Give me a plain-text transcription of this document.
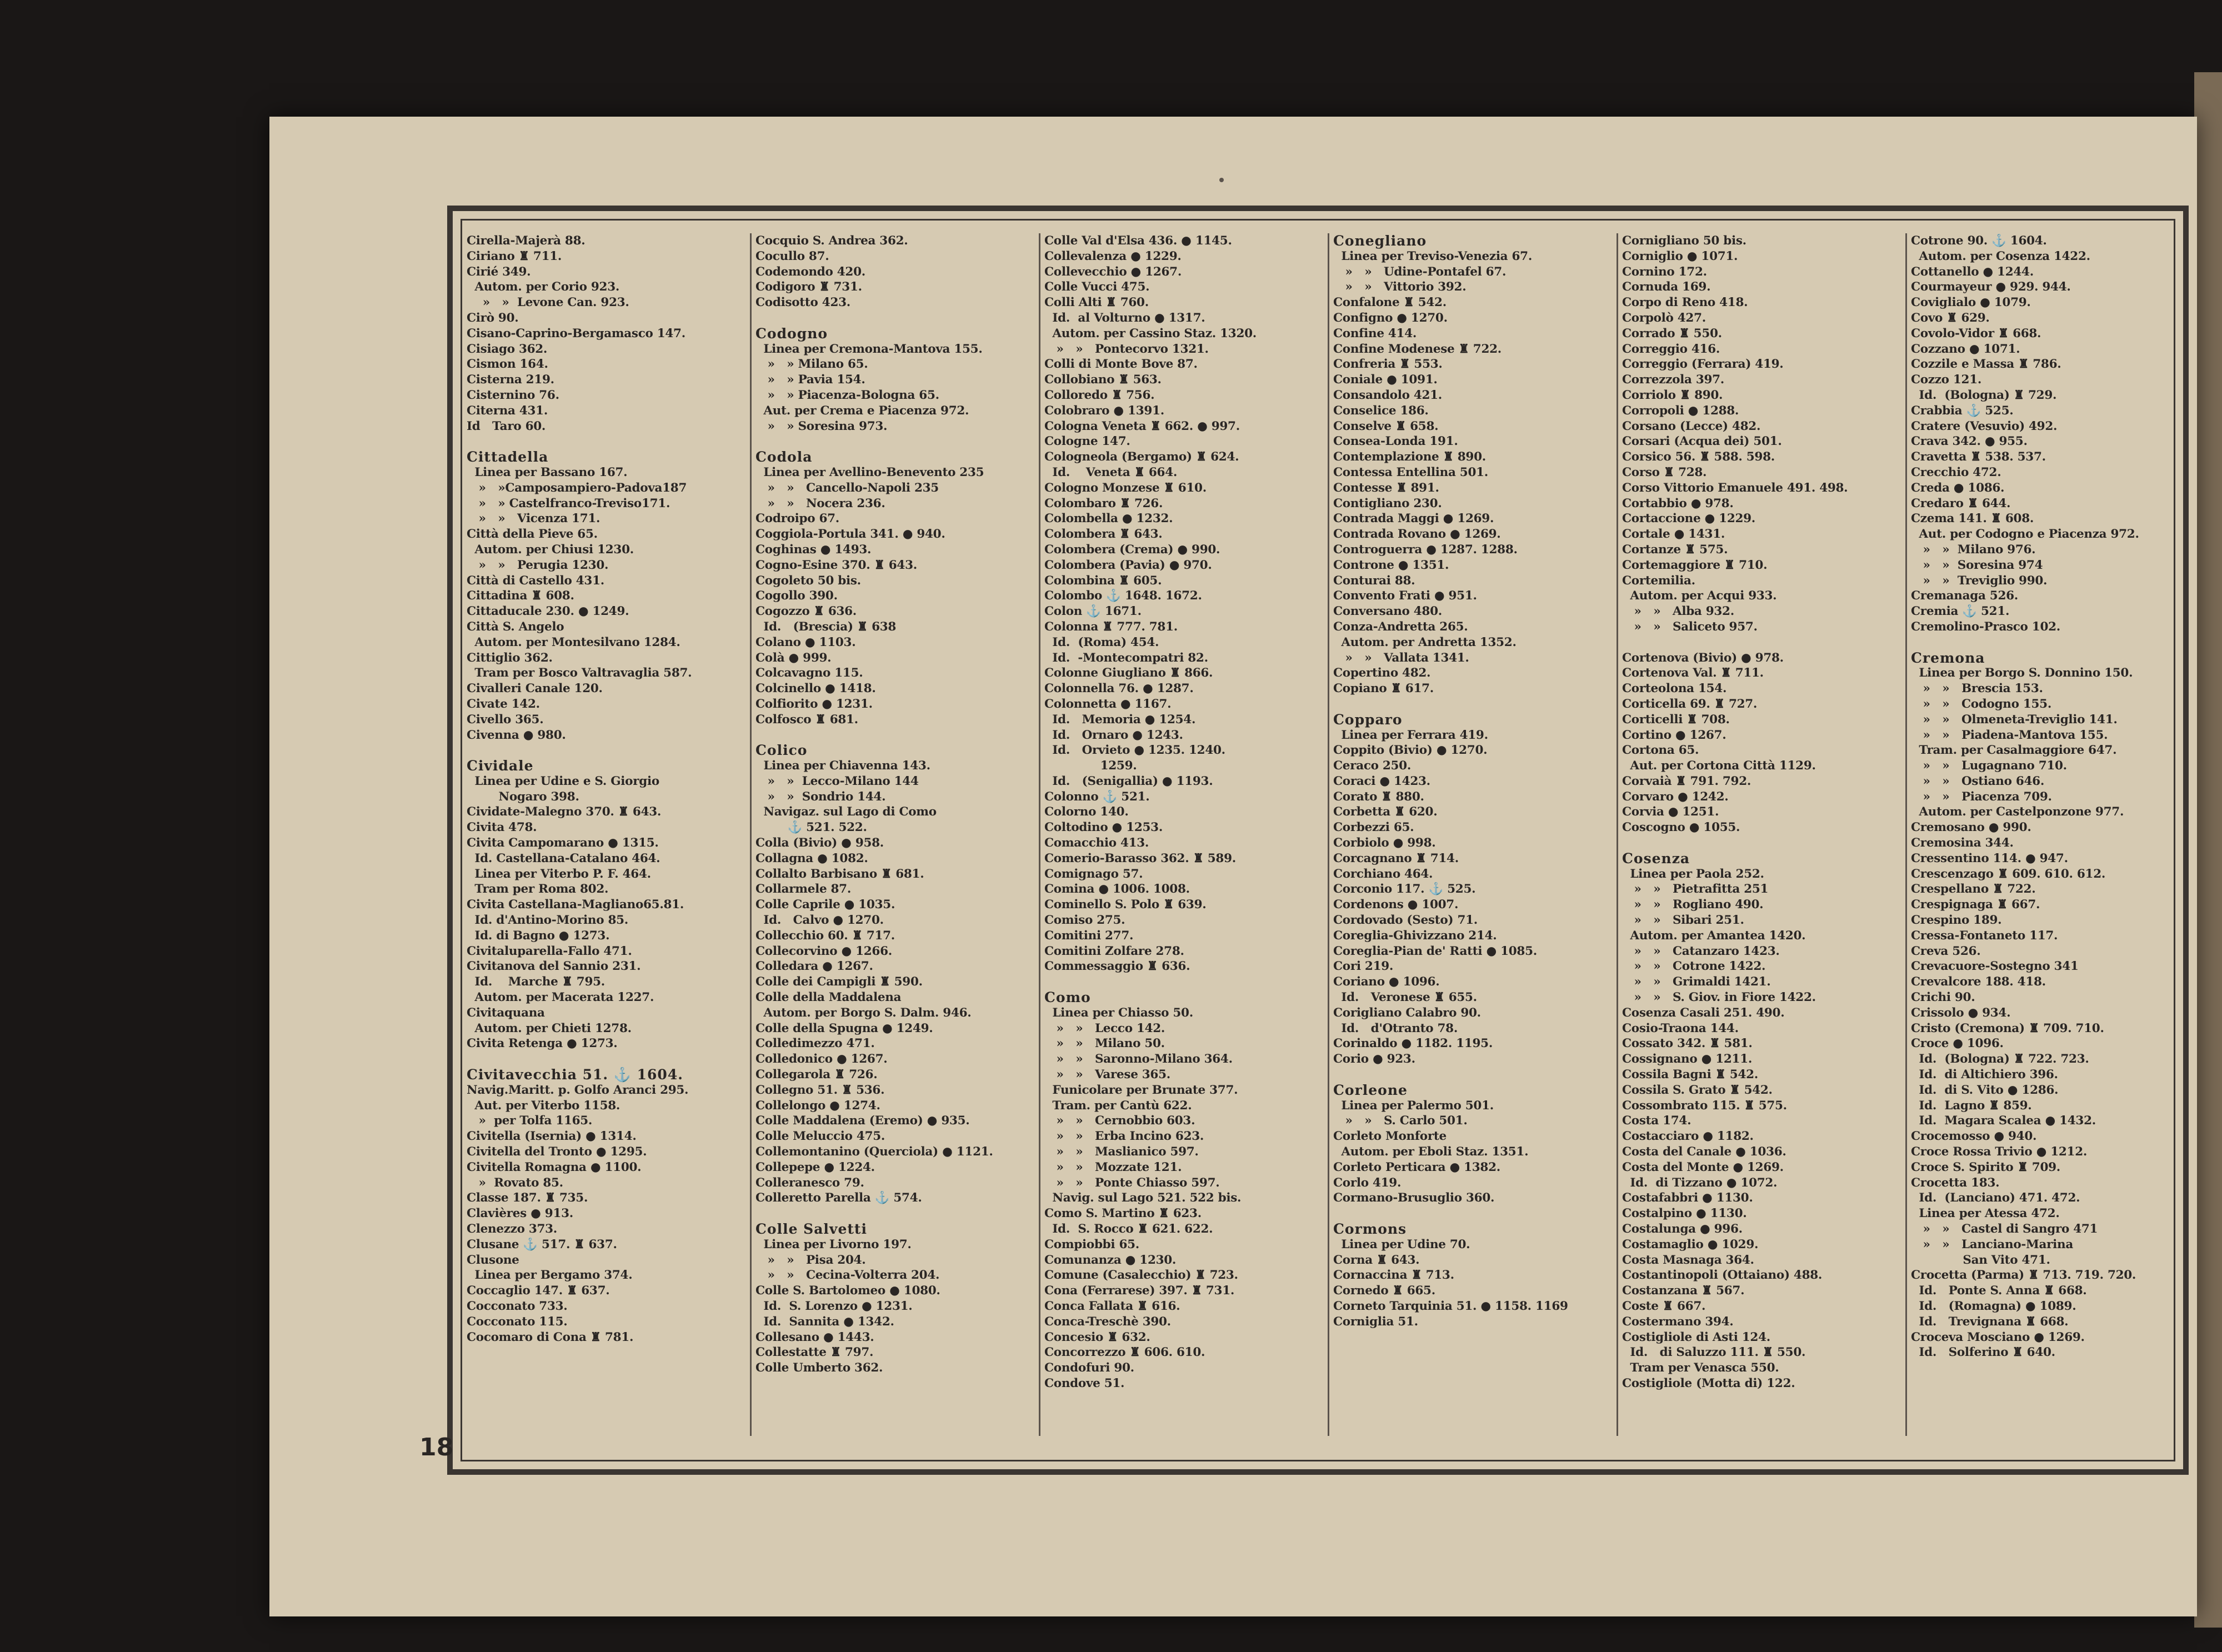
Cirella-Majerà 88.
Ciriano ♜ 711.
Cirié 349.
Autom. per Corio 923.
»   »  Levone Can. 923.
Cirò 90.
Cisano-Caprino-Bergamasco 147.
Cisiago 362.
Cismon 164.
Cisterna 219.
Cisternino 76.
Citerna 431.
Id   Taro 60.
Cittadella
Linea per Bassano 167.
»   »Camposampiero-Padova187
»   » Castelfranco-Treviso171.
»   »   Vicenza 171.
Città della Pieve 65.
Autom. per Chiusi 1230.
»   »   Perugia 1230.
Città di Castello 431.
Cittadina ♜ 608.
Cittaducale 230. ● 1249.
Città S. Angelo
Autom. per Montesilvano 1284.
Cittiglio 362.
Tram per Bosco Valtravaglia 587.
Civalleri Canale 120.
Civate 142.
Civello 365.
Civenna ● 980.
Cividale
Linea per Udine e S. Giorgio
Nogaro 398.
Cividate-Malegno 370. ♜ 643.
Civita 478.
Civita Campomarano ● 1315.
Id. Castellana-Catalano 464.
Linea per Viterbo P. F. 464.
Tram per Roma 802.
Civita Castellana-Magliano65.81.
Id. d'Antino-Morino 85.
Id. di Bagno ● 1273.
Civitaluparella-Fallo 471.
Civitanova del Sannio 231.
Id.    Marche ♜ 795.
Autom. per Macerata 1227.
Civitaquana
Autom. per Chieti 1278.
Civita Retenga ● 1273.
Civitavecchia 51. ⚓ 1604.
Navig.Maritt. p. Golfo Aranci 295.
Aut. per Viterbo 1158.
»  per Tolfa 1165.
Civitella (Isernia) ● 1314.
Civitella del Tronto ● 1295.
Civitella Romagna ● 1100.
»  Rovato 85.
Classe 187. ♜ 735.
Clavières ● 913.
Clenezzo 373.
Clusane ⚓ 517. ♜ 637.
Clusone
Linea per Bergamo 374.
Coccaglio 147. ♜ 637.
Cocconato 733.
Cocconato 115.
Cocomaro di Cona ♜ 781.
Cocquio S. Andrea 362.
Cocullo 87.
Codemondo 420.
Codigoro ♜ 731.
Codisotto 423.
Codogno
Linea per Cremona-Mantova 155.
»   » Milano 65.
»   » Pavia 154.
»   » Piacenza-Bologna 65.
Aut. per Crema e Piacenza 972.
»   » Soresina 973.
Codola
Linea per Avellino-Benevento 235
»   »   Cancello-Napoli 235
»   »   Nocera 236.
Codroipo 67.
Coggiola-Portula 341. ● 940.
Coghinas ● 1493.
Cogno-Esine 370. ♜ 643.
Cogoleto 50 bis.
Cogollo 390.
Cogozzo ♜ 636.
Id.   (Brescia) ♜ 638
Colano ● 1103.
Colà ● 999.
Colcavagno 115.
Colcinello ● 1418.
Colfiorito ● 1231.
Colfosco ♜ 681.
Colico
Linea per Chiavenna 143.
»   »  Lecco-Milano 144
»   »  Sondrio 144.
Navigaz. sul Lago di Como
⚓ 521. 522.
Colla (Bivio) ● 958.
Collagna ● 1082.
Collalto Barbisano ♜ 681.
Collarmele 87.
Colle Caprile ● 1035.
Id.   Calvo ● 1270.
Collecchio 60. ♜ 717.
Collecorvino ● 1266.
Colledara ● 1267.
Colle dei Campigli ♜ 590.
Colle della Maddalena
Autom. per Borgo S. Dalm. 946.
Colle della Spugna ● 1249.
Colledimezzo 471.
Colledonico ● 1267.
Collegarola ♜ 726.
Collegno 51. ♜ 536.
Collelongo ● 1274.
Colle Maddalena (Eremo) ● 935.
Colle Meluccio 475.
Collemontanino (Querciola) ● 1121.
Collepepe ● 1224.
Colleranesco 79.
Colleretto Parella ⚓ 574.
Colle Salvetti
Linea per Livorno 197.
»   »   Pisa 204.
»   »   Cecina-Volterra 204.
Colle S. Bartolomeo ● 1080.
Id.  S. Lorenzo ● 1231.
Id.  Sannita ● 1342.
Collesano ● 1443.
Collestatte ♜ 797.
Colle Umberto 362.
Colle Val d'Elsa 436. ● 1145.
Collevalenza ● 1229.
Collevecchio ● 1267.
Colle Vucci 475.
Colli Alti ♜ 760.
Id.  al Volturno ● 1317.
Autom. per Cassino Staz. 1320.
»   »   Pontecorvo 1321.
Colli di Monte Bove 87.
Collobiano ♜ 563.
Colloredo ♜ 756.
Colobraro ● 1391.
Cologna Veneta ♜ 662. ● 997.
Cologne 147.
Cologneola (Bergamo) ♜ 624.
Id.    Veneta ♜ 664.
Cologno Monzese ♜ 610.
Colombaro ♜ 726.
Colombella ● 1232.
Colombera ♜ 643.
Colombera (Crema) ● 990.
Colombera (Pavia) ● 970.
Colombina ♜ 605.
Colombo ⚓ 1648. 1672.
Colon ⚓ 1671.
Colonna ♜ 777. 781.
Id.  (Roma) 454.
Id.  -Montecompatri 82.
Colonne Giugliano ♜ 866.
Colonnella 76. ● 1287.
Colonnetta ● 1167.
Id.   Memoria ● 1254.
Id.   Ornaro ● 1243.
Id.   Orvieto ● 1235. 1240.
1259.
Id.   (Senigallia) ● 1193.
Colonno ⚓ 521.
Colorno 140.
Coltodino ● 1253.
Comacchio 413.
Comerio-Barasso 362. ♜ 589.
Comignago 57.
Comina ● 1006. 1008.
Cominello S. Polo ♜ 639.
Comiso 275.
Comitini 277.
Comitini Zolfare 278.
Commessaggio ♜ 636.
Como
Linea per Chiasso 50.
»   »   Lecco 142.
»   »   Milano 50.
»   »   Saronno-Milano 364.
»   »   Varese 365.
Funicolare per Brunate 377.
Tram. per Cantù 622.
»   »   Cernobbio 603.
»   »   Erba Incino 623.
»   »   Maslianico 597.
»   »   Mozzate 121.
»   »   Ponte Chiasso 597.
Navig. sul Lago 521. 522 bis.
Como S. Martino ♜ 623.
Id.  S. Rocco ♜ 621. 622.
Compiobbi 65.
Comunanza ● 1230.
Comune (Casalecchio) ♜ 723.
Cona (Ferrarese) 397. ♜ 731.
Conca Fallata ♜ 616.
Conca-Treschè 390.
Concesio ♜ 632.
Concorrezzo ♜ 606. 610.
Condofuri 90.
Condove 51.
Conegliano
Linea per Treviso-Venezia 67.
»   »   Udine-Pontafel 67.
»   »   Vittorio 392.
Confalone ♜ 542.
Configno ● 1270.
Confine 414.
Confine Modenese ♜ 722.
Confreria ♜ 553.
Coniale ● 1091.
Consandolo 421.
Conselice 186.
Conselve ♜ 658.
Consea-Londa 191.
Contemplazione ♜ 890.
Contessa Entellina 501.
Contesse ♜ 891.
Contigliano 230.
Contrada Maggi ● 1269.
Contrada Rovano ● 1269.
Controguerra ● 1287. 1288.
Controne ● 1351.
Conturai 88.
Convento Frati ● 951.
Conversano 480.
Conza-Andretta 265.
Autom. per Andretta 1352.
»   »   Vallata 1341.
Copertino 482.
Copiano ♜ 617.
Copparo
Linea per Ferrara 419.
Coppito (Bivio) ● 1270.
Ceraco 250.
Coraci ● 1423.
Corato ♜ 880.
Corbetta ♜ 620.
Corbezzi 65.
Corbiolo ● 998.
Corcagnano ♜ 714.
Corchiano 464.
Corconio 117. ⚓ 525.
Cordenons ● 1007.
Cordovado (Sesto) 71.
Coreglia-Ghivizzano 214.
Coreglia-Pian de' Ratti ● 1085.
Cori 219.
Coriano ● 1096.
Id.   Veronese ♜ 655.
Corigliano Calabro 90.
Id.   d'Otranto 78.
Corinaldo ● 1182. 1195.
Corio ● 923.
Corleone
Linea per Palermo 501.
»   »   S. Carlo 501.
Corleto Monforte
Autom. per Eboli Staz. 1351.
Corleto Perticara ● 1382.
Corlo 419.
Cormano-Brusuglio 360.
Cormons
Linea per Udine 70.
Corna ♜ 643.
Cornaccina ♜ 713.
Cornedo ♜ 665.
Corneto Tarquinia 51. ● 1158. 1169
Corniglia 51.
Cornigliano 50 bis.
Corniglio ● 1071.
Cornino 172.
Cornuda 169.
Corpo di Reno 418.
Corpolò 427.
Corrado ♜ 550.
Correggio 416.
Correggio (Ferrara) 419.
Correzzola 397.
Corriolo ♜ 890.
Corropoli ● 1288.
Corsano (Lecce) 482.
Corsari (Acqua dei) 501.
Corsico 56. ♜ 588. 598.
Corso ♜ 728.
Corso Vittorio Emanuele 491. 498.
Cortabbio ● 978.
Cortaccione ● 1229.
Cortale ● 1431.
Cortanze ♜ 575.
Cortemaggiore ♜ 710.
Cortemilia.
Autom. per Acqui 933.
»   »   Alba 932.
»   »   Saliceto 957.
Cortenova (Bivio) ● 978.
Cortenova Val. ♜ 711.
Corteolona 154.
Corticella 69. ♜ 727.
Corticelli ♜ 708.
Cortino ● 1267.
Cortona 65.
Aut. per Cortona Città 1129.
Corvaià ♜ 791. 792.
Corvaro ● 1242.
Corvia ● 1251.
Coscogno ● 1055.
Cosenza
Linea per Paola 252.
»   »   Pietrafitta 251
»   »   Rogliano 490.
»   »   Sibari 251.
Autom. per Amantea 1420.
»   »   Catanzaro 1423.
»   »   Cotrone 1422.
»   »   Grimaldi 1421.
»   »   S. Giov. in Fiore 1422.
Cosenza Casali 251. 490.
Cosio-Traona 144.
Cossato 342. ♜ 581.
Cossignano ● 1211.
Cossila Bagni ♜ 542.
Cossila S. Grato ♜ 542.
Cossombrato 115. ♜ 575.
Costa 174.
Costacciaro ● 1182.
Costa del Canale ● 1036.
Costa del Monte ● 1269.
Id.  di Tizzano ● 1072.
Costafabbri ● 1130.
Costalpino ● 1130.
Costalunga ● 996.
Costamaglio ● 1029.
Costa Masnaga 364.
Costantinopoli (Ottaiano) 488.
Costanzana ♜ 567.
Coste ♜ 667.
Costermano 394.
Costigliole di Asti 124.
Id.   di Saluzzo 111. ♜ 550.
Tram per Venasca 550.
Costigliole (Motta di) 122.
Cotrone 90. ⚓ 1604.
Autom. per Cosenza 1422.
Cottanello ● 1244.
Courmayeur ● 929. 944.
Coviglialo ● 1079.
Covo ♜ 629.
Covolo-Vidor ♜ 668.
Cozzano ● 1071.
Cozzile e Massa ♜ 786.
Cozzo 121.
Id.  (Bologna) ♜ 729.
Crabbia ⚓ 525.
Cratere (Vesuvio) 492.
Crava 342. ● 955.
Cravetta ♜ 538. 537.
Crecchio 472.
Creda ● 1086.
Credaro ♜ 644.
Czema 141. ♜ 608.
Aut. per Codogno e Piacenza 972.
»   »  Milano 976.
»   »  Soresina 974
»   »  Treviglio 990.
Cremanaga 526.
Cremia ⚓ 521.
Cremolino-Prasco 102.
Cremona
Linea per Borgo S. Donnino 150.
»   »   Brescia 153.
»   »   Codogno 155.
»   »   Olmeneta-Treviglio 141.
»   »   Piadena-Mantova 155.
Tram. per Casalmaggiore 647.
»   »   Lugagnano 710.
»   »   Ostiano 646.
»   »   Piacenza 709.
Autom. per Castelponzone 977.
Cremosano ● 990.
Cremosina 344.
Cressentino 114. ● 947.
Crescenzago ♜ 609. 610. 612.
Crespellano ♜ 722.
Crespignaga ♜ 667.
Crespino 189.
Cressa-Fontaneto 117.
Creva 526.
Crevacuore-Sostegno 341
Crevalcore 188. 418.
Crichi 90.
Crissolo ● 934.
Cristo (Cremona) ♜ 709. 710.
Croce ● 1096.
Id.  (Bologna) ♜ 722. 723.
Id.  di Altichiero 396.
Id.  di S. Vito ● 1286.
Id.  Lagno ♜ 859.
Id.  Magara Scalea ● 1432.
Crocemosso ● 940.
Croce Rossa Trivio ● 1212.
Croce S. Spirito ♜ 709.
Crocetta 183.
Id.  (Lanciano) 471. 472.
Linea per Atessa 472.
»   »   Castel di Sangro 471
»   »   Lanciano-Marina
San Vito 471.
Crocetta (Parma) ♜ 713. 719. 720.
Id.   Ponte S. Anna ♜ 668.
Id.   (Romagna) ● 1089.
Id.   Trevignana ♜ 668.
Croceva Mosciano ● 1269.
Id.   Solferino ♜ 640.
18
